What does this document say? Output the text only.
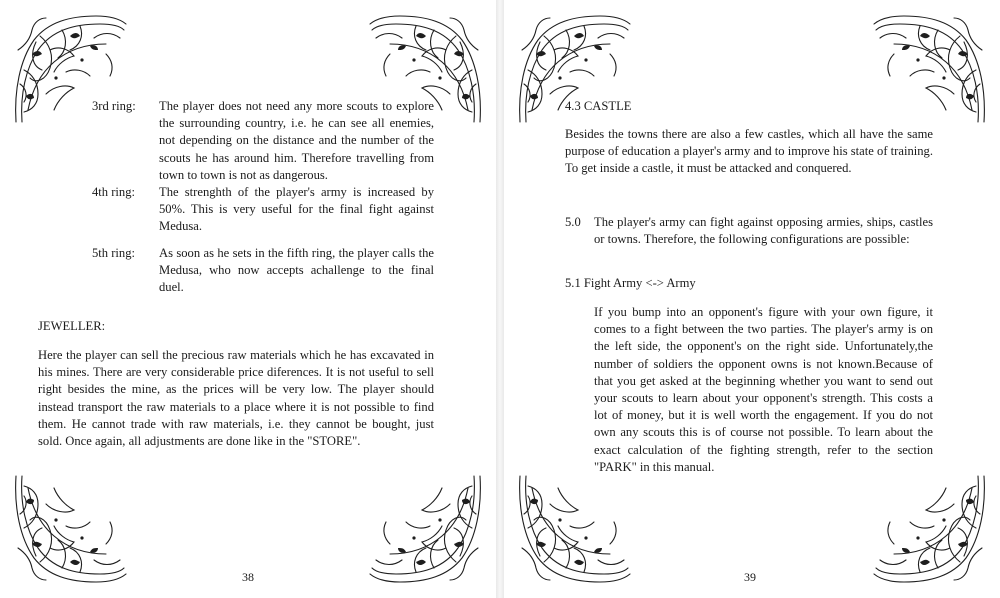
3rd ring:	The player does not need any more scouts to explore the surrounding country, i.e. he can see all enemies, not depending on the distance and the number of the scouts he has around him. Therefore travelling from town to town is not as dangerous.
4th ring:	The strenghth of the player's army is increased by 50%. This is very useful for the final fight against Medusa.
5th ring:	As soon as he sets in the fifth ring, the player calls the Medusa, who now accepts achallenge to the final duel.
JEWELLER:
Here the player can sell the precious raw materials which he has excavated in his mines. There are very considerable price diferences. It is not useful to sell right besides the mine, as the prices will be very low. The player should instead transport the raw materials to a place where it is not possible to find them. He cannot trade with raw materials, i.e. they cannot be bought, just sold. Once again, all adjustments are done like in the "STORE".
38
4.3 CASTLE
Besides the towns there are also a few castles, which all have the same purpose of education a player's army and to improve his state of training. To get inside a castle, it must be attacked and conquered.
5.0 The player's army can fight against opposing armies, ships, castles or towns. Therefore, the following configurations are possible:
5.1 Fight Army <-> Army
If you bump into an opponent's figure with your own figure, it comes to a fight between the two parties. The player's army is on the left side, the opponent's on the right side. Unfortunately,the number of soldiers the opponent owns is not known.Because of that you get asked at the beginning whether you want to send out your scouts to learn about your opponent's strength. This costs a lot of money, but it is well worth the engagement. If you do not own any scouts this is of course not possible. To learn about the exact calculation of the fighting strength, refer to the section "PARK" in this manual.
39
